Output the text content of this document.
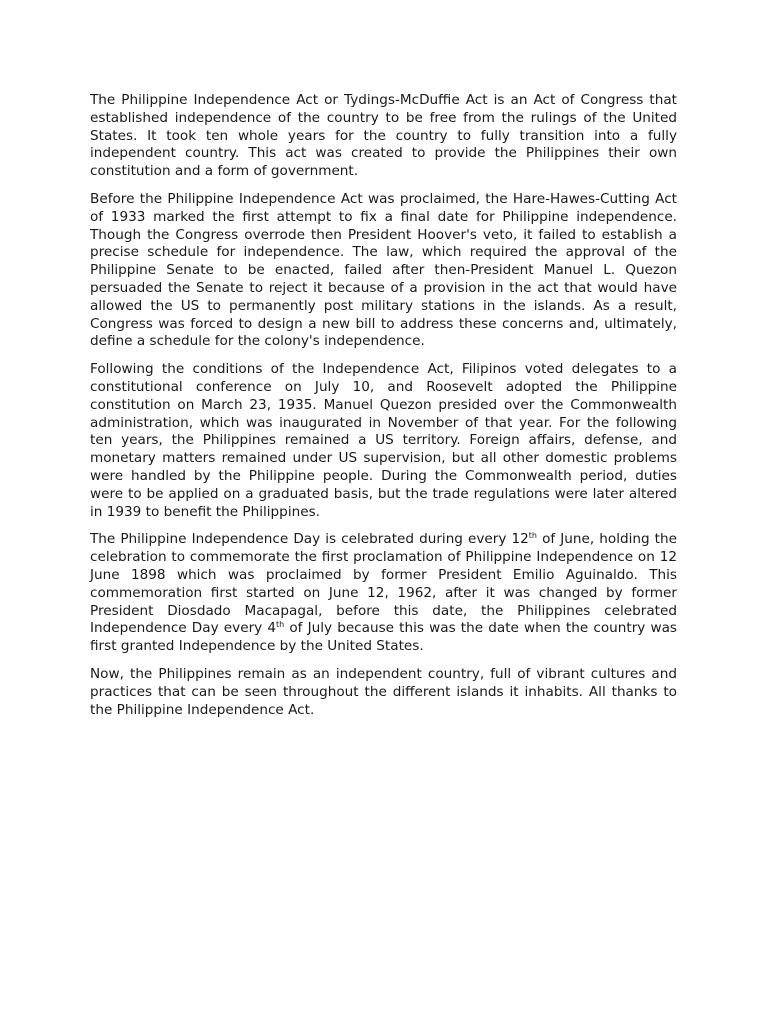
The Philippine Independence Act or Tydings-McDuffie Act is an Act of Congress that established independence of the country to be free from the rulings of the United States. It took ten whole years for the country to fully transition into a fully independent country. This act was created to provide the Philippines their own constitution and a form of government.

Before the Philippine Independence Act was proclaimed, the Hare-Hawes-Cutting Act of 1933 marked the first attempt to fix a final date for Philippine independence. Though the Congress overrode then President Hoover's veto, it failed to establish a precise schedule for independence. The law, which required the approval of the Philippine Senate to be enacted, failed after then-President Manuel L. Quezon persuaded the Senate to reject it because of a provision in the act that would have allowed the US to permanently post military stations in the islands. As a result, Congress was forced to design a new bill to address these concerns and, ultimately, define a schedule for the colony's independence.

Following the conditions of the Independence Act, Filipinos voted delegates to a constitutional conference on July 10, and Roosevelt adopted the Philippine constitution on March 23, 1935. Manuel Quezon presided over the Commonwealth administration, which was inaugurated in November of that year. For the following ten years, the Philippines remained a US territory. Foreign affairs, defense, and monetary matters remained under US supervision, but all other domestic problems were handled by the Philippine people. During the Commonwealth period, duties were to be applied on a graduated basis, but the trade regulations were later altered in 1939 to benefit the Philippines.

The Philippine Independence Day is celebrated during every 12th of June, holding the celebration to commemorate the first proclamation of Philippine Independence on 12 June 1898 which was proclaimed by former President Emilio Aguinaldo. This commemoration first started on June 12, 1962, after it was changed by former President Diosdado Macapagal, before this date, the Philippines celebrated Independence Day every 4th of July because this was the date when the country was first granted Independence by the United States.

Now, the Philippines remain as an independent country, full of vibrant cultures and practices that can be seen throughout the different islands it inhabits. All thanks to the Philippine Independence Act.
